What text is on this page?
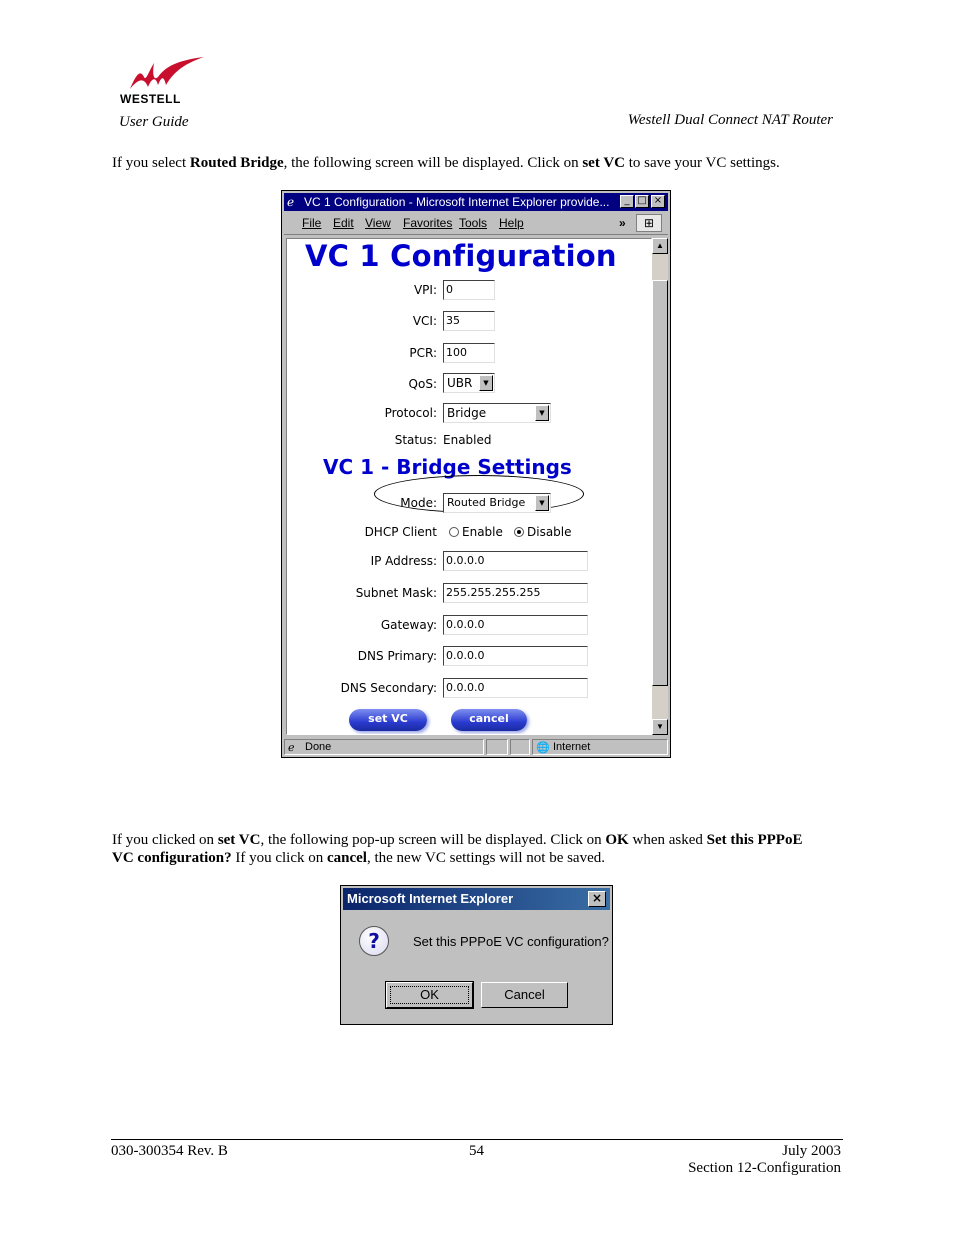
WESTELL
User Guide	Westell Dual Connect NAT Router
If you select Routed Bridge, the following screen will be displayed. Click on set VC to save your VC settings.
ℯ VC 1 Configuration - Microsoft Internet Explorer provide...	_ □ ×
File Edit View Favorites Tools Help	»	⊞
VC 1 Configuration
VPI: 0
VCI: 35
PCR: 100
QoS: UBR	▼
Protocol: Bridge	▼
Status: Enabled
VC 1 - Bridge Settings
Mode: Routed Bridge	▼
DHCP Client Enable Disable
IP Address: 0.0.0.0
Subnet Mask: 255.255.255.255
Gateway: 0.0.0.0
DNS Primary: 0.0.0.0
DNS Secondary: 0.0.0.0
set VC	cancel
▲
▼
ℯ Done	🌐 Internet
If you clicked on set VC, the following pop-up screen will be displayed. Click on OK when asked Set this PPPoE
VC configuration? If you click on cancel, the new VC settings will not be saved.
Microsoft Internet Explorer	×
?	Set this PPPoE VC configuration?
OK	Cancel
030-300354 Rev. B	54	July 2003
Section 12-Configuration
